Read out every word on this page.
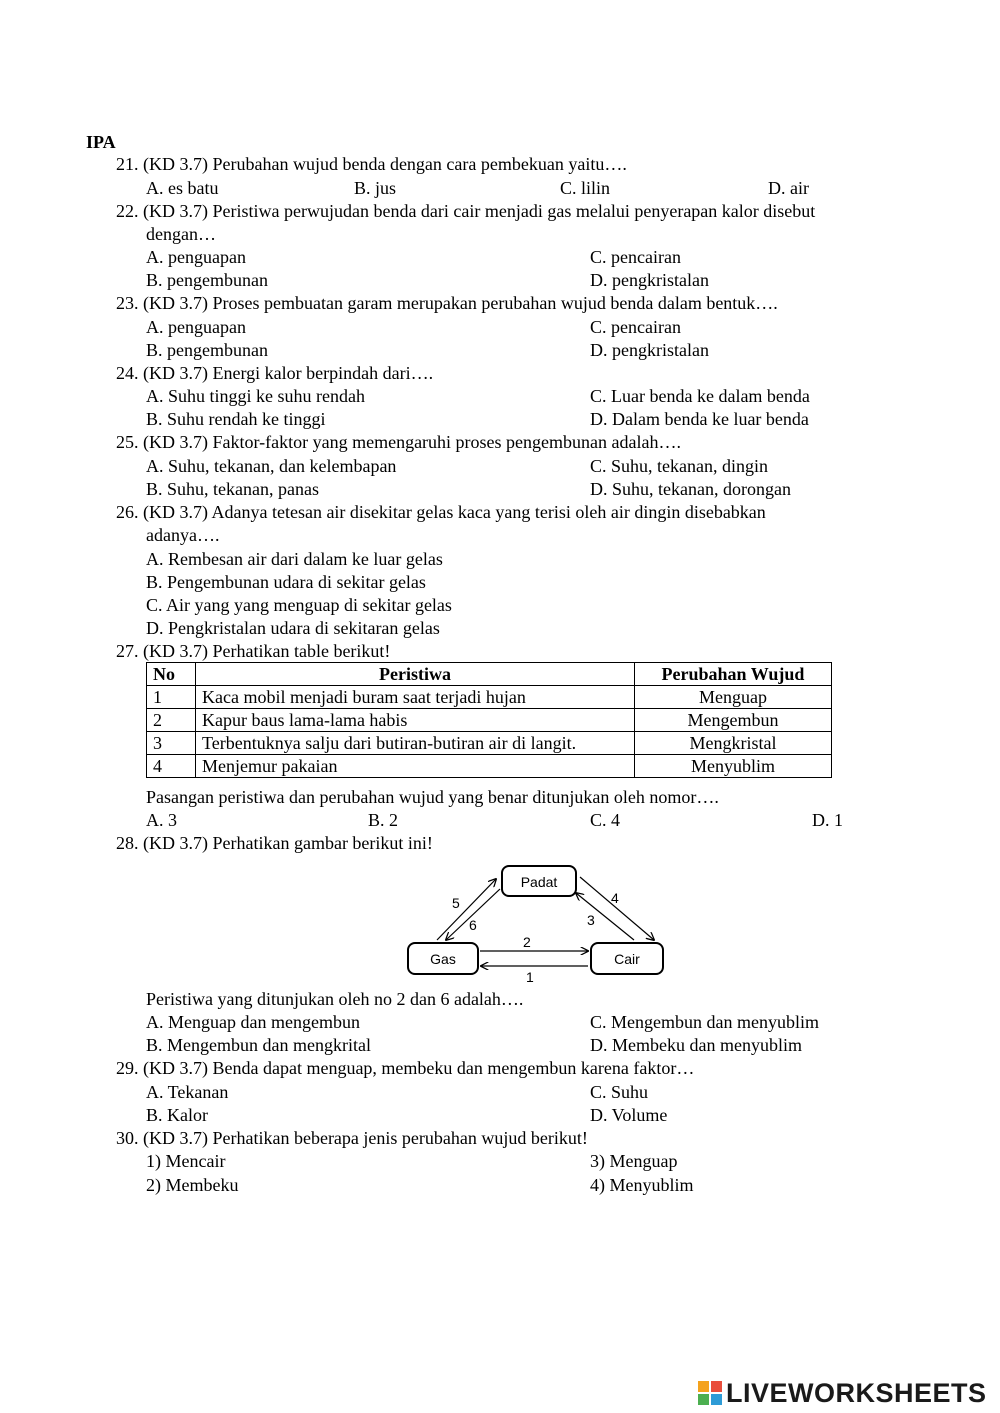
IPA
21. (KD 3.7) Perubahan wujud benda dengan cara pembekuan yaitu….
A. es batu	B. jus	C. lilin	D. air
22. (KD 3.7) Peristiwa perwujudan benda dari cair menjadi gas melalui penyerapan kalor disebut
dengan…
A. penguapan	C. pencairan
B. pengembunan	D. pengkristalan
23. (KD 3.7) Proses pembuatan garam merupakan perubahan wujud benda dalam bentuk….
A. penguapan	C. pencairan
B. pengembunan	D. pengkristalan
24. (KD 3.7) Energi kalor berpindah dari….
A. Suhu tinggi ke suhu rendah	C. Luar benda ke dalam benda
B. Suhu rendah ke tinggi	D. Dalam benda ke luar benda
25. (KD 3.7) Faktor-faktor yang memengaruhi proses pengembunan adalah….
A. Suhu, tekanan, dan kelembapan	C. Suhu, tekanan, dingin
B. Suhu, tekanan, panas	D. Suhu, tekanan, dorongan
26. (KD 3.7) Adanya tetesan air disekitar gelas kaca yang terisi oleh air dingin disebabkan
adanya….
A. Rembesan air dari dalam ke luar gelas
B. Pengembunan udara di sekitar gelas
C. Air yang yang menguap di sekitar gelas
D. Pengkristalan udara di sekitaran gelas
27. (KD 3.7) Perhatikan table berikut!
No	Peristiwa	Perubahan Wujud
1	Kaca mobil menjadi buram saat terjadi hujan	Menguap
2	Kapur baus lama-lama habis	Mengembun
3	Terbentuknya salju dari butiran-butiran air di langit.	Mengkristal
4	Menjemur pakaian	Menyublim
Pasangan peristiwa dan perubahan wujud yang benar ditunjukan oleh nomor….
A. 3	B. 2	C. 4	D. 1
28. (KD 3.7) Perhatikan gambar berikut ini!
Padat
Gas	Cair
5
6
4
3
2
1
Peristiwa yang ditunjukan oleh no 2 dan 6 adalah….
A. Menguap dan mengembun	C. Mengembun dan menyublim
B. Mengembun dan mengkrital	D. Membeku dan menyublim
29. (KD 3.7) Benda dapat menguap, membeku dan mengembun karena faktor…
A. Tekanan	C. Suhu
B. Kalor	D. Volume
30. (KD 3.7) Perhatikan beberapa jenis perubahan wujud berikut!
1) Mencair	3) Menguap
2) Membeku	4) Menyublim
LIVEWORKSHEETS
